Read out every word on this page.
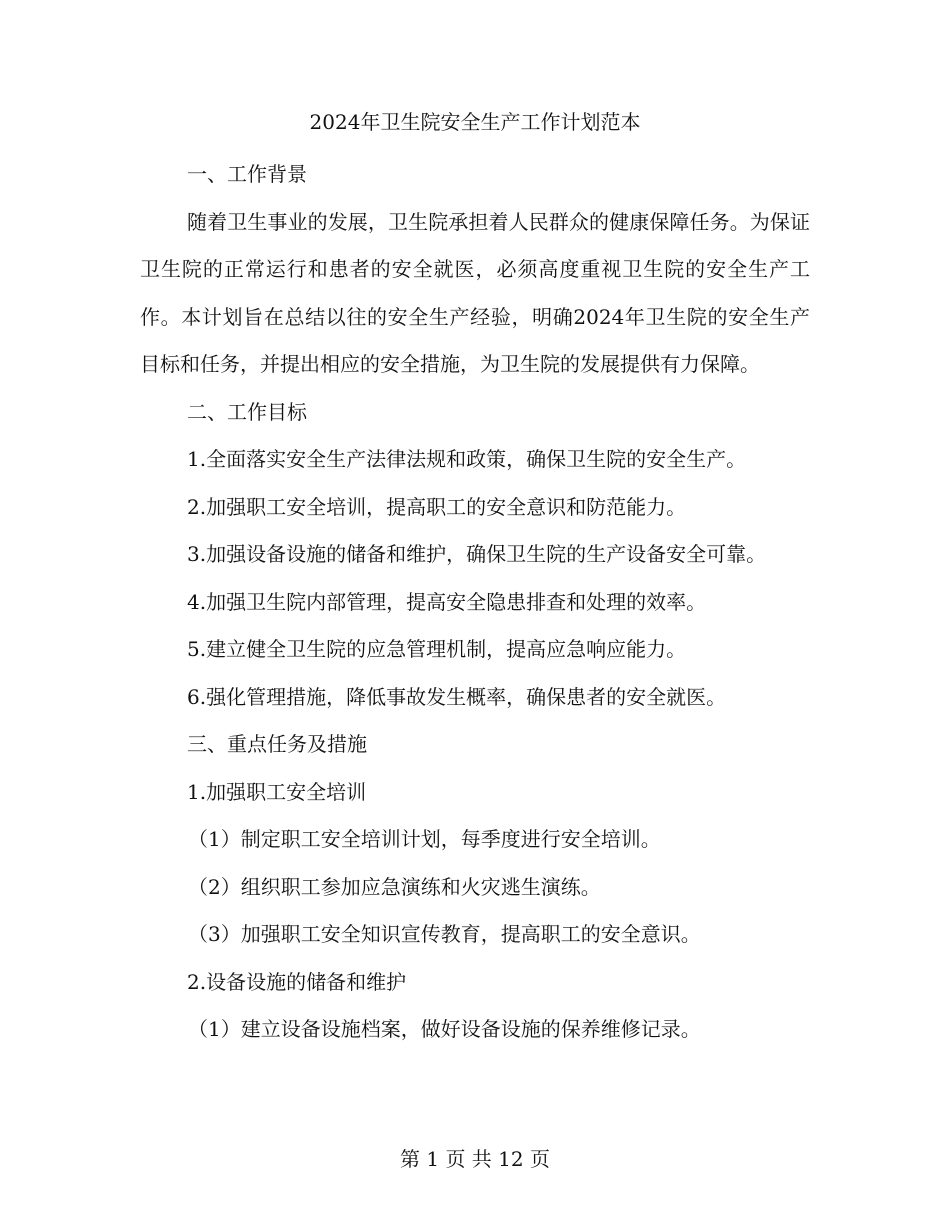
2024年卫生院安全生产工作计划范本

一、工作背景

随着卫生事业的发展，卫生院承担着人民群众的健康保障任务。为保证卫生院的正常运行和患者的安全就医，必须高度重视卫生院的安全生产工作。本计划旨在总结以往的安全生产经验，明确2024年卫生院的安全生产目标和任务，并提出相应的安全措施，为卫生院的发展提供有力保障。

二、工作目标

1.全面落实安全生产法律法规和政策，确保卫生院的安全生产。

2.加强职工安全培训，提高职工的安全意识和防范能力。

3.加强设备设施的储备和维护，确保卫生院的生产设备安全可靠。

4.加强卫生院内部管理，提高安全隐患排查和处理的效率。

5.建立健全卫生院的应急管理机制，提高应急响应能力。

6.强化管理措施，降低事故发生概率，确保患者的安全就医。

三、重点任务及措施

1.加强职工安全培训

（1）制定职工安全培训计划，每季度进行安全培训。

（2）组织职工参加应急演练和火灾逃生演练。

（3）加强职工安全知识宣传教育，提高职工的安全意识。

2.设备设施的储备和维护

（1）建立设备设施档案，做好设备设施的保养维修记录。

第 1 页 共 12 页
